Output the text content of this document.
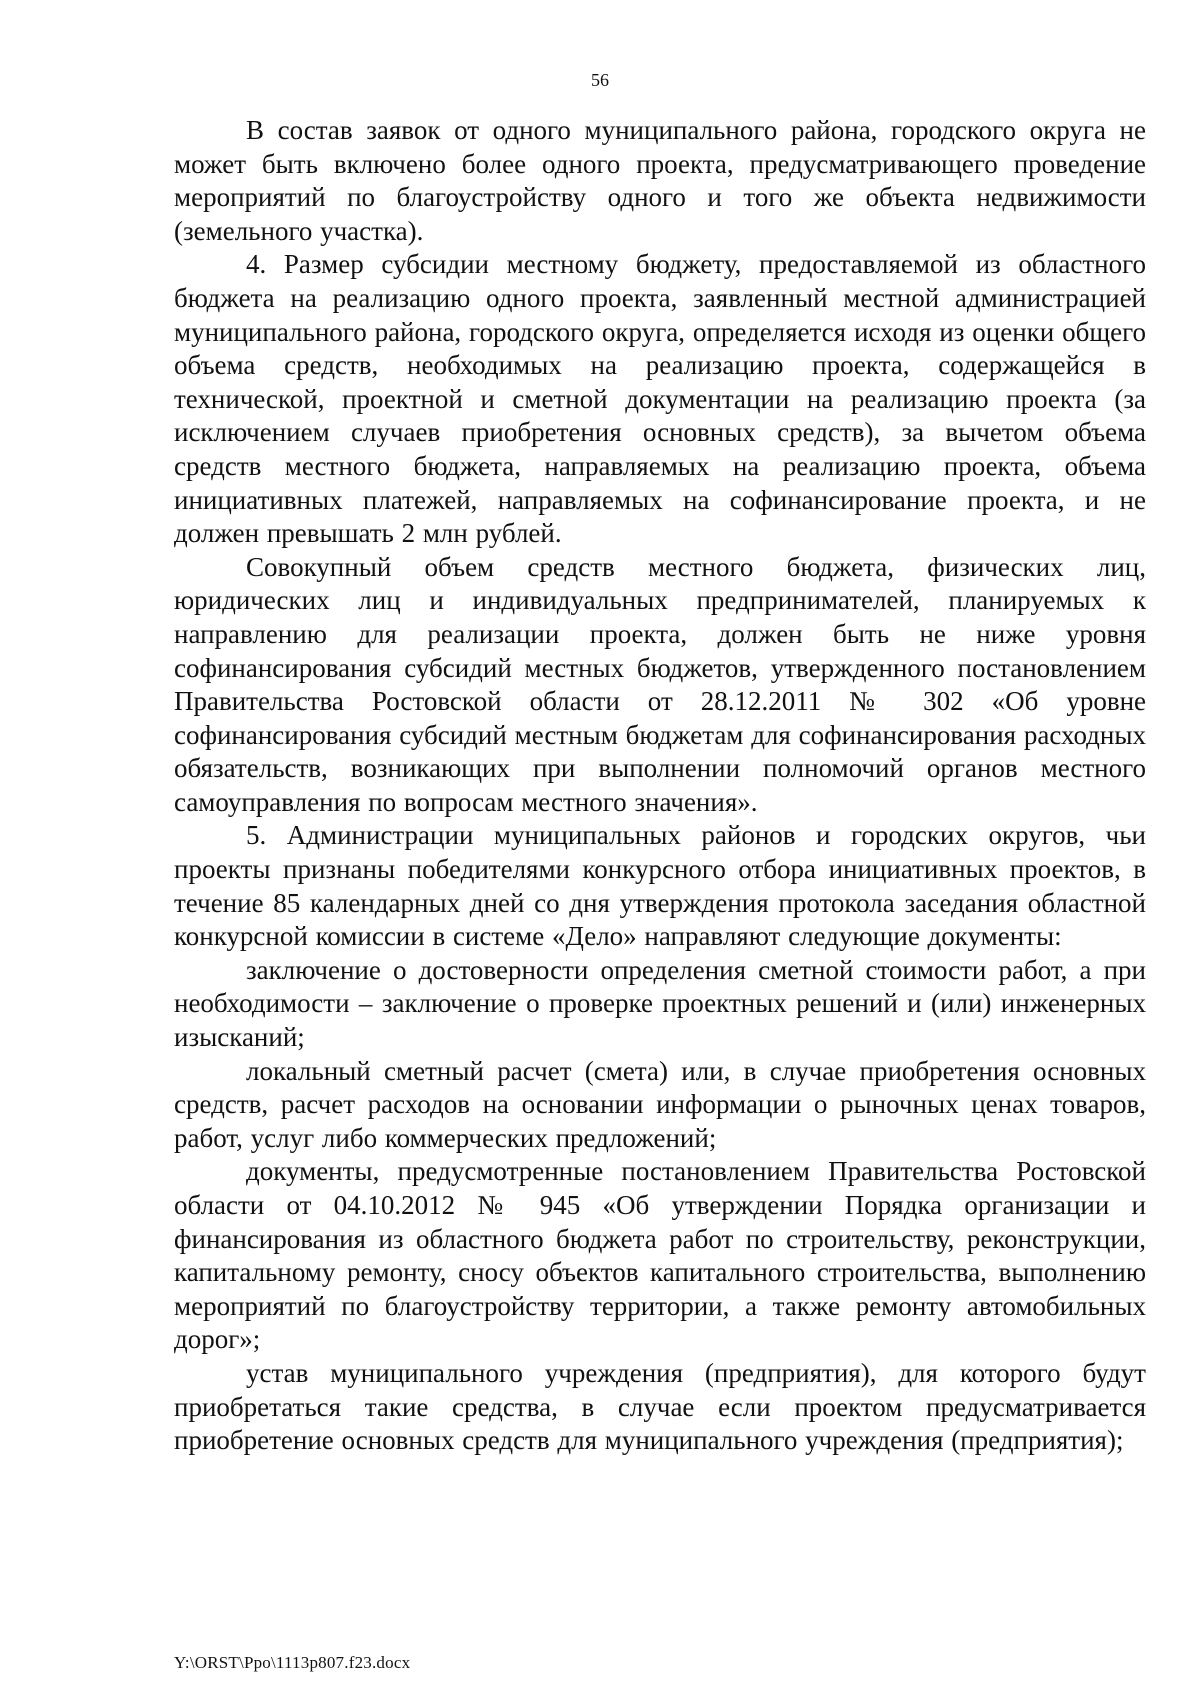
56

В состав заявок от одного муниципального района, городского округа не может быть включено более одного проекта, предусматривающего проведение мероприятий по благоустройству одного и того же объекта недвижимости (земельного участка).

4. Размер субсидии местному бюджету, предоставляемой из областного бюджета на реализацию одного проекта, заявленный местной администрацией муниципального района, городского округа, определяется исходя из оценки общего объема средств, необходимых на реализацию проекта, содержащейся в технической, проектной и сметной документации на реализацию проекта (за исключением случаев приобретения основных средств), за вычетом объема средств местного бюджета, направляемых на реализацию проекта, объема инициативных платежей, направляемых на софинансирование проекта, и не должен превышать 2 млн рублей.

Совокупный объем средств местного бюджета, физических лиц, юридических лиц и индивидуальных предпринимателей, планируемых к направлению для реализации проекта, должен быть не ниже уровня софинансирования субсидий местных бюджетов, утвержденного постановлением Правительства Ростовской области от 28.12.2011 № 302 «Об уровне софинансирования субсидий местным бюджетам для софинансирования расходных обязательств, возникающих при выполнении полномочий органов местного самоуправления по вопросам местного значения».

5. Администрации муниципальных районов и городских округов, чьи проекты признаны победителями конкурсного отбора инициативных проектов, в течение 85 календарных дней со дня утверждения протокола заседания областной конкурсной комиссии в системе «Дело» направляют следующие документы:

заключение о достоверности определения сметной стоимости работ, а при необходимости – заключение о проверке проектных решений и (или) инженерных изысканий;

локальный сметный расчет (смета) или, в случае приобретения основных средств, расчет расходов на основании информации о рыночных ценах товаров, работ, услуг либо коммерческих предложений;

документы, предусмотренные постановлением Правительства Ростовской области от 04.10.2012 № 945 «Об утверждении Порядка организации и финансирования из областного бюджета работ по строительству, реконструкции, капитальному ремонту, сносу объектов капитального строительства, выполнению мероприятий по благоустройству территории, а также ремонту автомобильных дорог»;

устав муниципального учреждения (предприятия), для которого будут приобретаться такие средства, в случае если проектом предусматривается приобретение основных средств для муниципального учреждения (предприятия);

Y:\ORST\Ppo\1113p807.f23.docx
